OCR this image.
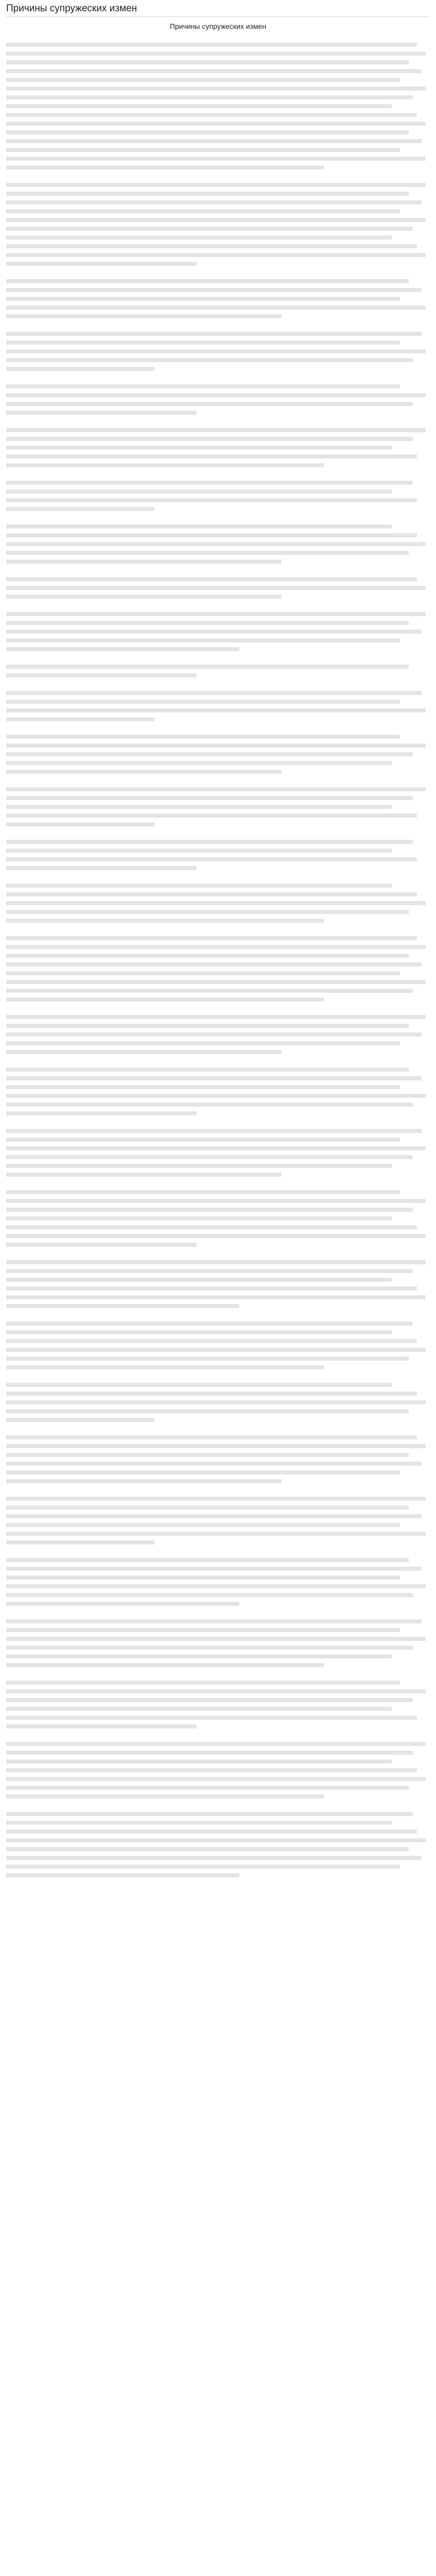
Причины супружеских измен
Причины супружеских измен
